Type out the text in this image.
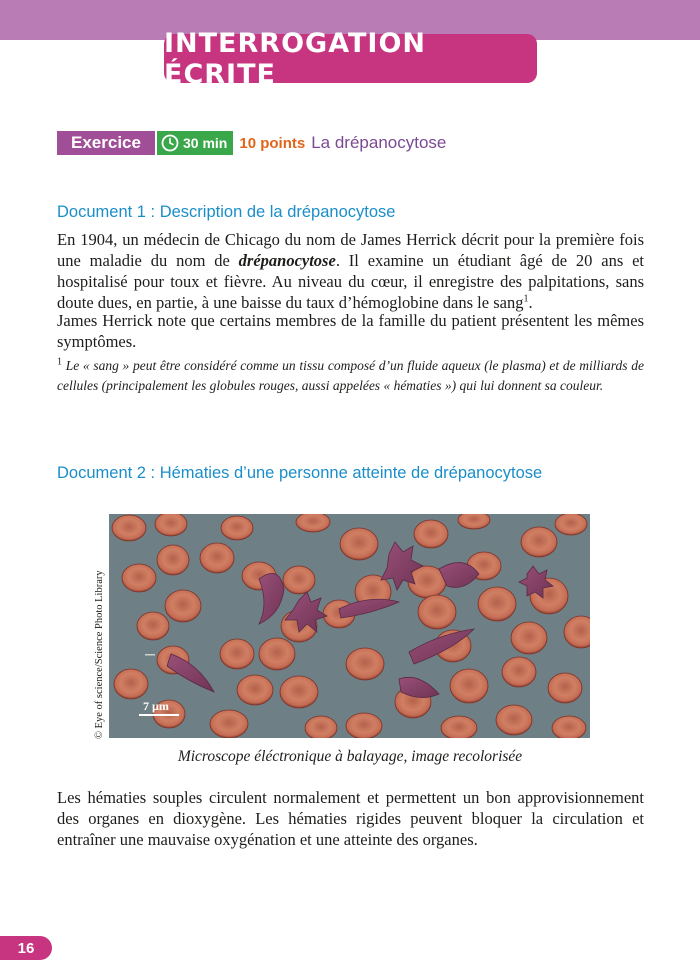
INTERROGATION ÉCRITE
Exercice	30 min 10 points La drépanocytose
Document 1 : Description de la drépanocytose

En 1904, un médecin de Chicago du nom de James Herrick décrit pour la première fois une maladie du nom de drépanocytose. Il examine un étudiant âgé de 20 ans et hospitalisé pour toux et fièvre. Au niveau du cœur, il enregistre des palpitations, sans doute dues, en partie, à une baisse du taux d’hémoglobine dans le sang$^1$.

James Herrick note que certains membres de la famille du patient présentent les mêmes symptômes.

$^1$ Le « sang » peut être considéré comme un tissu composé d’un fluide aqueux (le plasma) et de milliards de cellules (principalement les globules rouges, aussi appelées « hématies ») qui lui donnent sa couleur.

Document 2 : Hématies d’une personne atteinte de drépanocytose
7 µm
© Eye of science/Science Photo Library
Microscope éléctronique à balayage, image recolorisée

Les hématies souples circulent normalement et permettent un bon approvisionnement des organes en dioxygène. Les hématies rigides peuvent bloquer la circulation et entraîner une mauvaise oxygénation et une atteinte des organes.

16
